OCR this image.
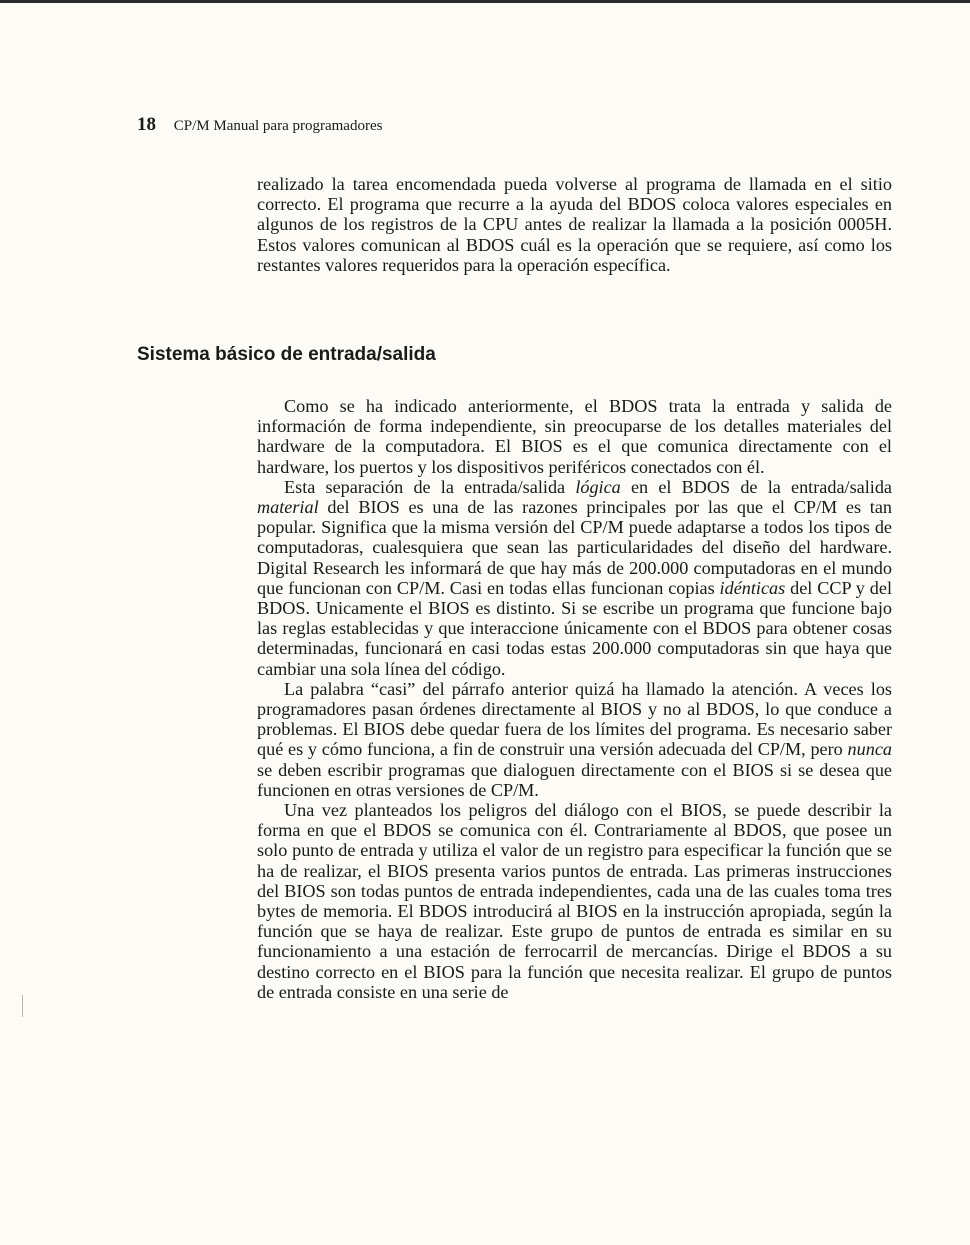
18 CP/M Manual para programadores

realizado la tarea encomendada pueda volverse al programa de llamada en el sitio correcto. El programa que recurre a la ayuda del BDOS coloca valores especiales en algunos de los registros de la CPU antes de realizar la llamada a la posición 0005H. Estos valores comunican al BDOS cuál es la operación que se requiere, así como los restantes valores requeridos para la operación específica.

Sistema básico de entrada/salida

Como se ha indicado anteriormente, el BDOS trata la entrada y salida de información de forma independiente, sin preocuparse de los detalles materiales del hardware de la computadora. El BIOS es el que comunica directamente con el hardware, los puertos y los dispositivos periféricos conectados con él.

Esta separación de la entrada/salida lógica en el BDOS de la entrada/salida material del BIOS es una de las razones principales por las que el CP/M es tan popular. Significa que la misma versión del CP/M puede adaptarse a todos los tipos de computadoras, cualesquiera que sean las particularidades del diseño del hardware. Digital Research les informará de que hay más de 200.000 computadoras en el mundo que funcionan con CP/M. Casi en todas ellas funcionan copias idénticas del CCP y del BDOS. Unicamente el BIOS es distinto. Si se escribe un programa que funcione bajo las reglas establecidas y que interaccione únicamente con el BDOS para obtener cosas determinadas, funcionará en casi todas estas 200.000 computadoras sin que haya que cambiar una sola línea del código.

La palabra “casi” del párrafo anterior quizá ha llamado la atención. A veces los programadores pasan órdenes directamente al BIOS y no al BDOS, lo que conduce a problemas. El BIOS debe quedar fuera de los límites del programa. Es necesario saber qué es y cómo funciona, a fin de construir una versión adecuada del CP/M, pero nunca se deben escribir programas que dialoguen directamente con el BIOS si se desea que funcionen en otras versiones de CP/M.

Una vez planteados los peligros del diálogo con el BIOS, se puede describir la forma en que el BDOS se comunica con él. Contrariamente al BDOS, que posee un solo punto de entrada y utiliza el valor de un registro para especificar la función que se ha de realizar, el BIOS presenta varios puntos de entrada. Las primeras instrucciones del BIOS son todas puntos de entrada independientes, cada una de las cuales toma tres bytes de memoria. El BDOS introducirá al BIOS en la instrucción apropiada, según la función que se haya de realizar. Este grupo de puntos de entrada es similar en su funcionamiento a una estación de ferrocarril de mercancías. Dirige el BDOS a su destino correcto en el BIOS para la función que necesita realizar. El grupo de puntos de entrada consiste en una serie de
